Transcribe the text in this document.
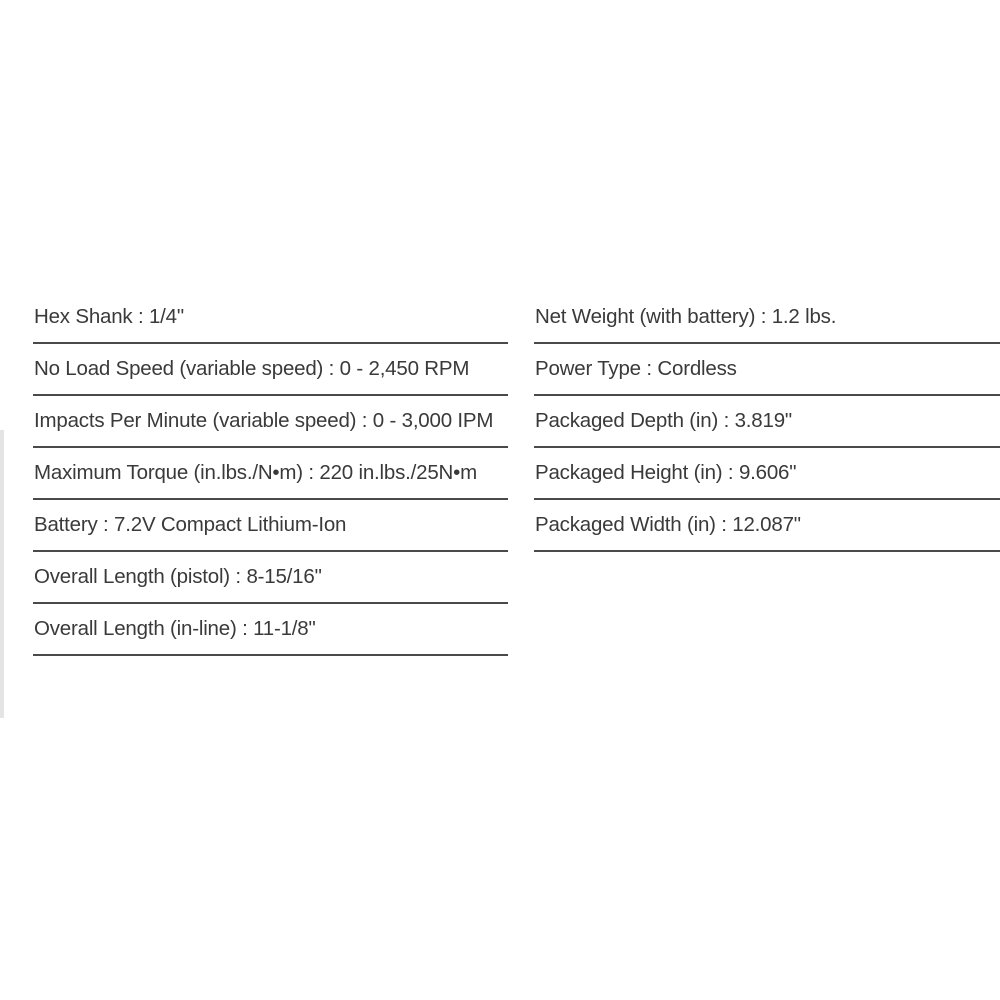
Hex Shank : 1/4"
No Load Speed (variable speed) : 0 - 2,450 RPM
Impacts Per Minute (variable speed) : 0 - 3,000 IPM
Maximum Torque (in.lbs./N•m) : 220 in.lbs./25N•m
Battery : 7.2V Compact Lithium-Ion
Overall Length (pistol) : 8-15/16"
Overall Length (in-line) : 11-1/8"
Net Weight (with battery) : 1.2 lbs.
Power Type : Cordless
Packaged Depth (in) : 3.819"
Packaged Height (in) : 9.606"
Packaged Width (in) : 12.087"
